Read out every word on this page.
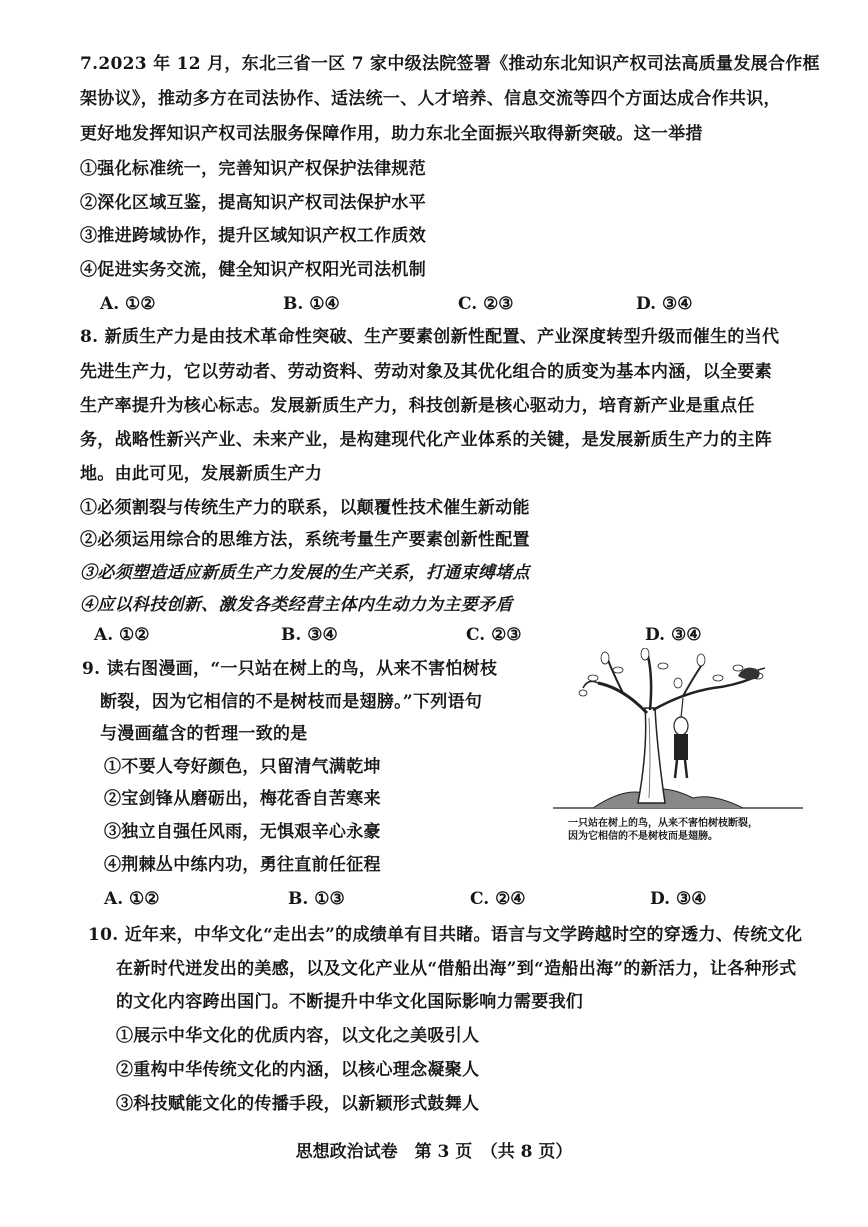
7.2023 年 12 月，东北三省一区 7 家中级法院签署《推动东北知识产权司法高质量发展合作框
架协议》，推动多方在司法协作、适法统一、人才培养、信息交流等四个方面达成合作共识，
更好地发挥知识产权司法服务保障作用，助力东北全面振兴取得新突破。这一举措
①强化标准统一，完善知识产权保护法律规范
②深化区域互鉴，提高知识产权司法保护水平
③推进跨域协作，提升区域知识产权工作质效
④促进实务交流，健全知识产权阳光司法机制
A. ①②	B. ①④	C. ②③	D. ③④
8. 新质生产力是由技术革命性突破、生产要素创新性配置、产业深度转型升级而催生的当代
先进生产力，它以劳动者、劳动资料、劳动对象及其优化组合的质变为基本内涵，以全要素
生产率提升为核心标志。发展新质生产力，科技创新是核心驱动力，培育新产业是重点任
务，战略性新兴产业、未来产业，是构建现代化产业体系的关键，是发展新质生产力的主阵
地。由此可见，发展新质生产力
①必须割裂与传统生产力的联系，以颠覆性技术催生新动能
②必须运用综合的思维方法，系统考量生产要素创新性配置
③必须塑造适应新质生产力发展的生产关系，打通束缚堵点
④应以科技创新、激发各类经营主体内生动力为主要矛盾
A. ①②	B. ③④	C. ②③	D. ③④
9. 读右图漫画，“一只站在树上的鸟，从来不害怕树枝
断裂，因为它相信的不是树枝而是翅膀。”下列语句
与漫画蕴含的哲理一致的是
①不要人夸好颜色，只留清气满乾坤
②宝剑锋从磨砺出，梅花香自苦寒来
③独立自强任风雨，无惧艰辛心永豪
④荆棘丛中练内功，勇往直前任征程
A. ①②	B. ①③	C. ②④	D. ③④
一只站在树上的鸟，从来不害怕树枝断裂，
因为它相信的不是树枝而是翅膀。
10. 近年来，中华文化“走出去”的成绩单有目共睹。语言与文学跨越时空的穿透力、传统文化
在新时代迸发出的美感，以及文化产业从“借船出海”到“造船出海”的新活力，让各种形式
的文化内容跨出国门。不断提升中华文化国际影响力需要我们
①展示中华文化的优质内容，以文化之美吸引人
②重构中华传统文化的内涵，以核心理念凝聚人
③科技赋能文化的传播手段，以新颖形式鼓舞人
思想政治试卷　第 3 页　（共 8 页）
